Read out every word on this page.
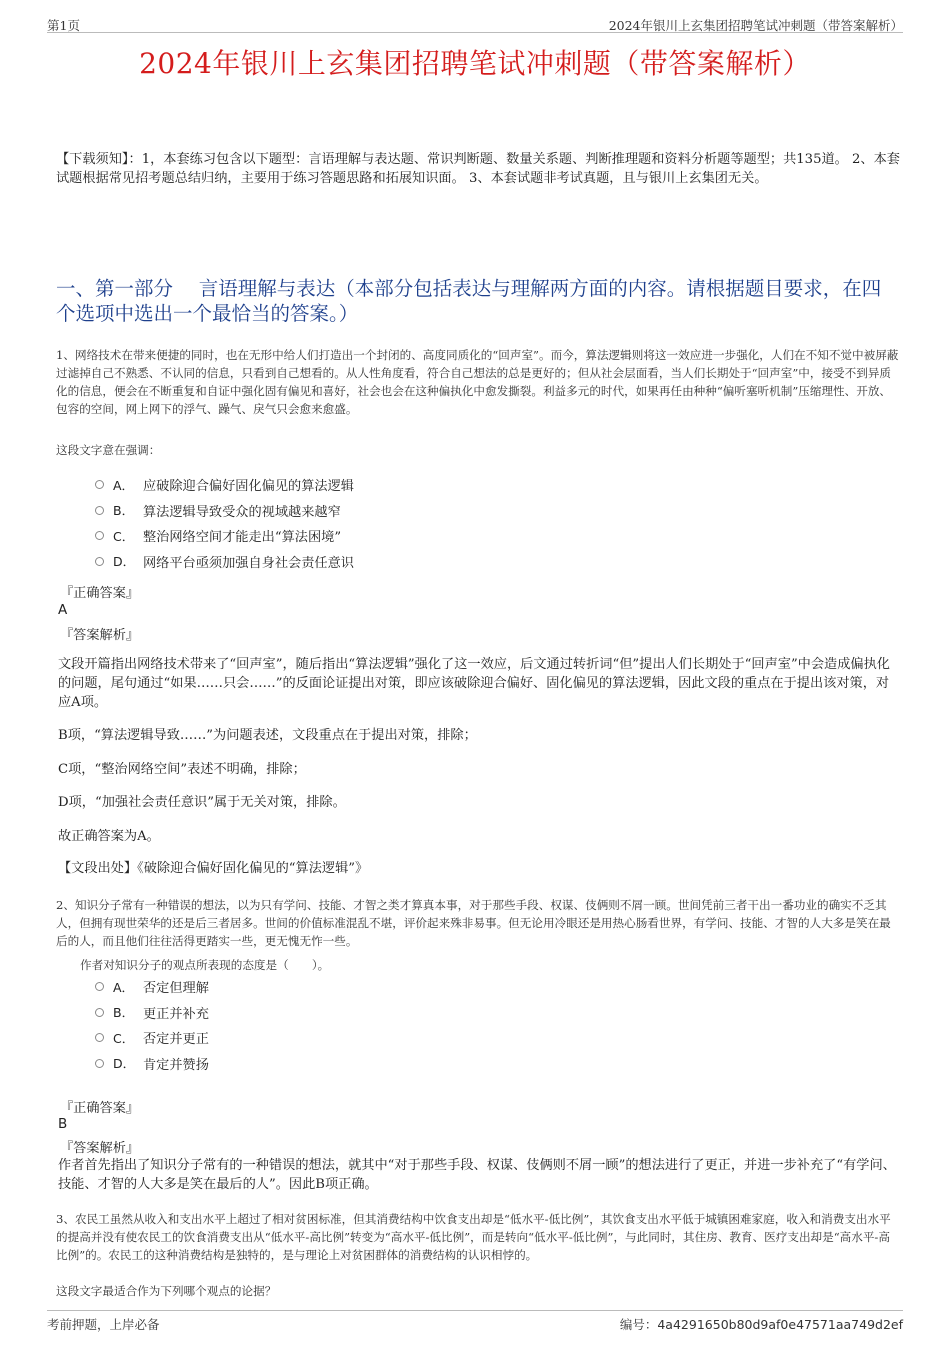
第1页	2024年银川上玄集团招聘笔试冲刺题（带答案解析）
2024年银川上玄集团招聘笔试冲刺题（带答案解析）
【下载须知】：1，本套练习包含以下题型：言语理解与表达题、常识判断题、数量关系题、判断推理题和资料分析题等题型；共135道。 2、本套试题根据常见招考题总结归纳，主要用于练习答题思路和拓展知识面。 3、本套试题非考试真题，且与银川上玄集团无关。
一、第一部分　 言语理解与表达（本部分包括表达与理解两方面的内容。请根据题目要求，在四个选项中选出一个最恰当的答案。）
1、网络技术在带来便捷的同时，也在无形中给人们打造出一个封闭的、高度同质化的“回声室”。而今，算法逻辑则将这一效应进一步强化，人们在不知不觉中被屏蔽过滤掉自己不熟悉、不认同的信息，只看到自己想看的。从人性角度看，符合自己想法的总是更好的；但从社会层面看，当人们长期处于“回声室”中，接受不到异质化的信息，便会在不断重复和自证中强化固有偏见和喜好，社会也会在这种偏执化中愈发撕裂。利益多元的时代，如果再任由种种“偏听塞听机制”压缩理性、开放、包容的空间，网上网下的浮气、躁气、戾气只会愈来愈盛。
这段文字意在强调：
A． 应破除迎合偏好固化偏见的算法逻辑
B． 算法逻辑导致受众的视域越来越窄
C． 整治网络空间才能走出“算法困境”
D． 网络平台亟须加强自身社会责任意识
『正确答案』
A
『答案解析』
文段开篇指出网络技术带来了“回声室”，随后指出“算法逻辑”强化了这一效应，后文通过转折词“但”提出人们长期处于“回声室”中会造成偏执化的问题，尾句通过“如果……只会……”的反面论证提出对策，即应该破除迎合偏好、固化偏见的算法逻辑，因此文段的重点在于提出该对策，对应A项。
B项，“算法逻辑导致……”为问题表述，文段重点在于提出对策，排除；
C项，“整治网络空间”表述不明确，排除；
D项，“加强社会责任意识”属于无关对策，排除。
故正确答案为A。
【文段出处】《破除迎合偏好固化偏见的“算法逻辑”》
2、知识分子常有一种错误的想法，以为只有学问、技能、才智之类才算真本事，对于那些手段、权谋、伎俩则不屑一顾。世间凭前三者干出一番功业的确实不乏其人，但拥有现世荣华的还是后三者居多。世间的价值标准混乱不堪，评价起来殊非易事。但无论用冷眼还是用热心肠看世界，有学问、技能、才智的人大多是笑在最后的人，而且他们往往活得更踏实一些，更无愧无怍一些。
作者对知识分子的观点所表现的态度是（　　）。
A． 否定但理解
B． 更正并补充
C． 否定并更正
D． 肯定并赞扬
『正确答案』
B
『答案解析』
作者首先指出了知识分子常有的一种错误的想法，就其中“对于那些手段、权谋、伎俩则不屑一顾”的想法进行了更正，并进一步补充了“有学问、技能、才智的人大多是笑在最后的人”。因此B项正确。
3、农民工虽然从收入和支出水平上超过了相对贫困标准，但其消费结构中饮食支出却是“低水平-低比例”，其饮食支出水平低于城镇困难家庭，收入和消费支出水平的提高并没有使农民工的饮食消费支出从“低水平-高比例”转变为“高水平-低比例”，而是转向“低水平-低比例”，与此同时，其住房、教育、医疗支出却是“高水平-高比例”的。农民工的这种消费结构是独特的，是与理论上对贫困群体的消费结构的认识相悖的。
这段文字最适合作为下列哪个观点的论据？
考前押题，上岸必备	编号：4a4291650b80d9af0e47571aa749d2ef
